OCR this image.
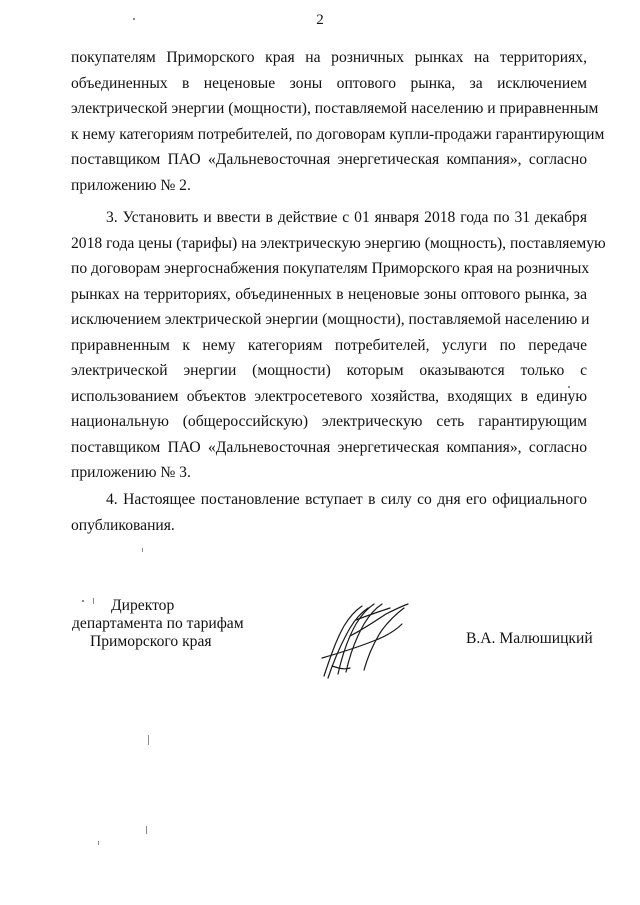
2
покупателям Приморского края на розничных рынках на территориях,
объединенных в неценовые зоны оптового рынка, за исключением
электрической энергии (мощности), поставляемой населению и приравненным
к нему категориям потребителей, по договорам купли-продажи гарантирующим
поставщиком ПАО «Дальневосточная энергетическая компания», согласно
приложению № 2.
3. Установить и ввести в действие с 01 января 2018 года по 31 декабря
2018 года цены (тарифы) на электрическую энергию (мощность), поставляемую
по договорам энергоснабжения покупателям Приморского края на розничных
рынках на территориях, объединенных в неценовые зоны оптового рынка, за
исключением электрической энергии (мощности), поставляемой населению и
приравненным к нему категориям потребителей, услуги по передаче
электрической энергии (мощности) которым оказываются только с
использованием объектов электросетевого хозяйства, входящих в единую
национальную (общероссийскую) электрическую сеть гарантирующим
поставщиком ПАО «Дальневосточная энергетическая компания», согласно
приложению № 3.
4. Настоящее постановление вступает в силу со дня его официального
опубликования.
Директор
департамента по тарифам
Приморского края	В.А. Малюшицкий
